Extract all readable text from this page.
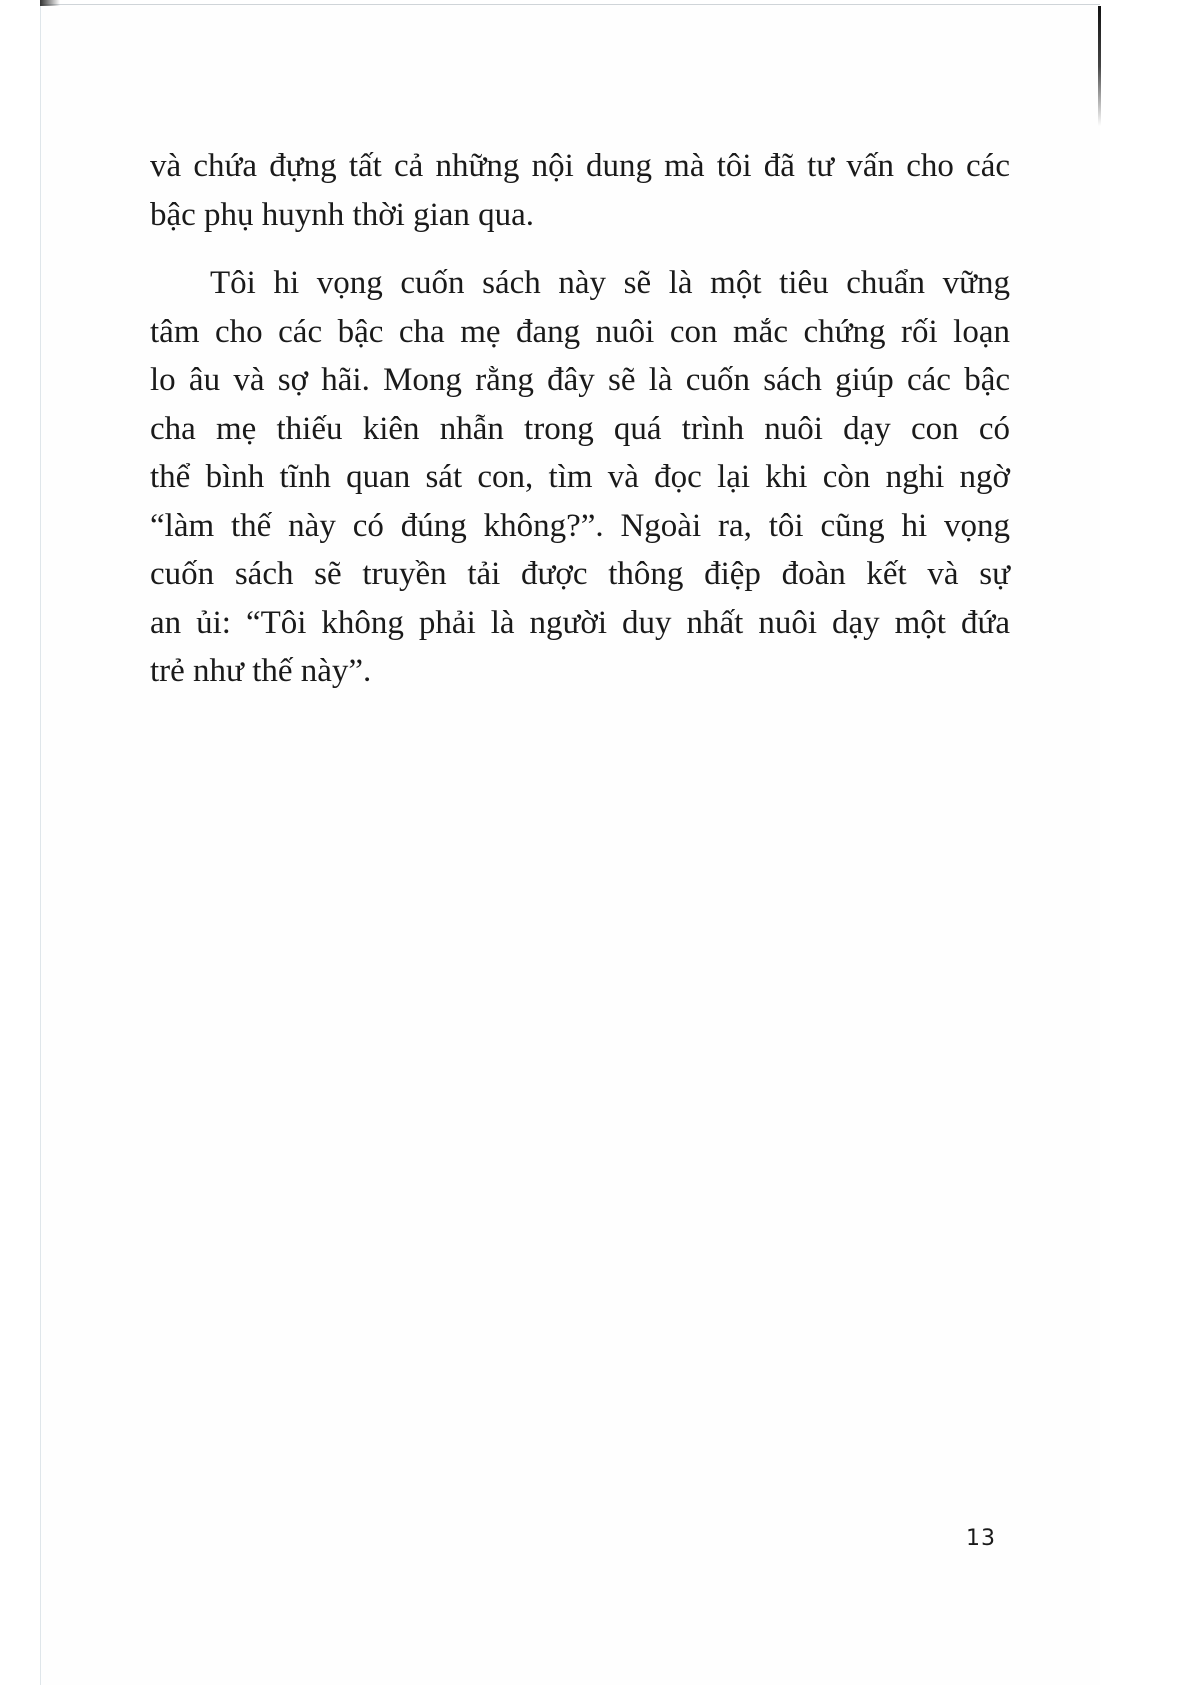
và chứa đựng tất cả những nội dung mà tôi đã tư vấn cho các
bậc phụ huynh thời gian qua.
Tôi hi vọng cuốn sách này sẽ là một tiêu chuẩn vững
tâm cho các bậc cha mẹ đang nuôi con mắc chứng rối loạn
lo âu và sợ hãi. Mong rằng đây sẽ là cuốn sách giúp các bậc
cha mẹ thiếu kiên nhẫn trong quá trình nuôi dạy con có
thể bình tĩnh quan sát con, tìm và đọc lại khi còn nghi ngờ
“làm thế này có đúng không?”. Ngoài ra, tôi cũng hi vọng
cuốn sách sẽ truyền tải được thông điệp đoàn kết và sự
an ủi: “Tôi không phải là người duy nhất nuôi dạy một đứa
trẻ như thế này”.
13
